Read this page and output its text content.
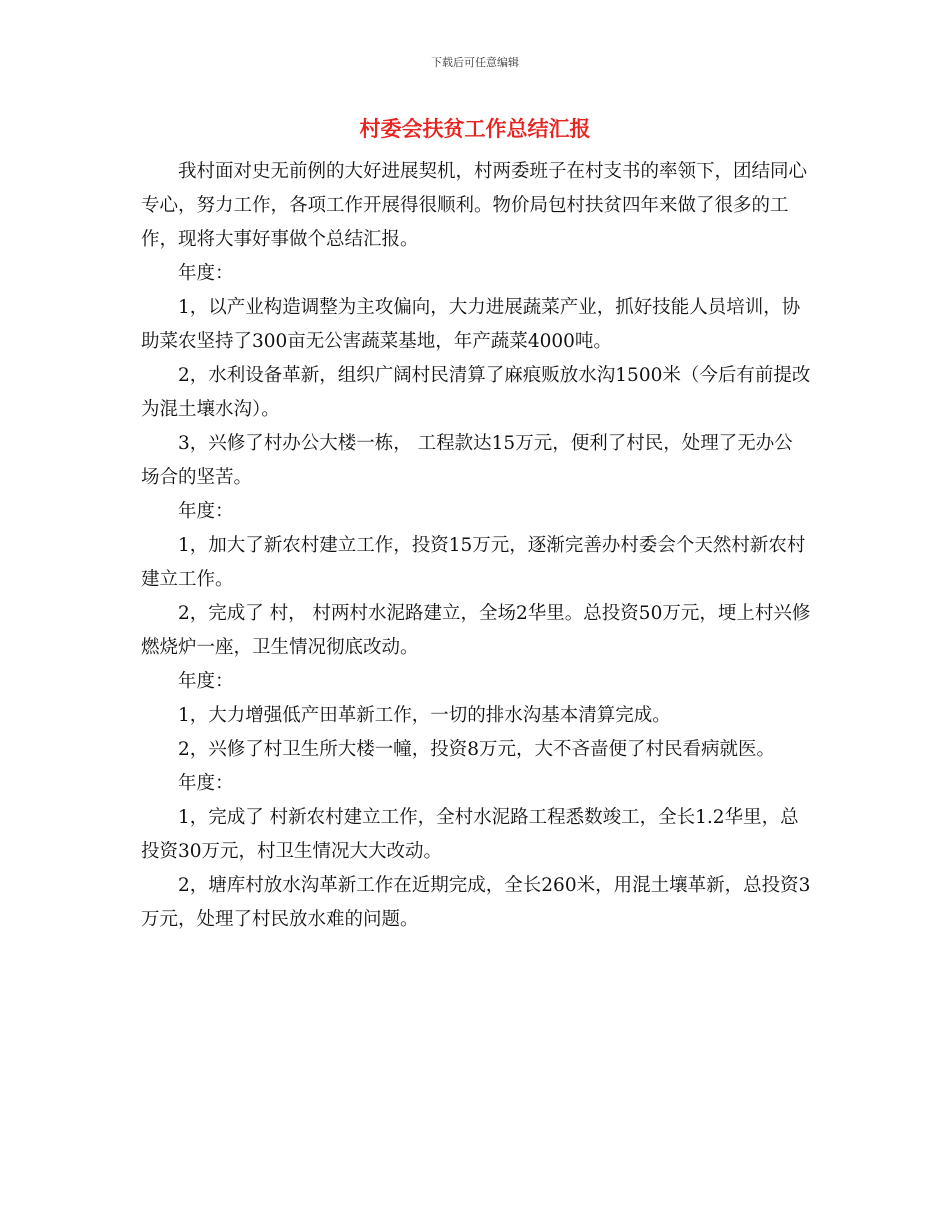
下载后可任意编辑
村委会扶贫工作总结汇报

我村面对史无前例的大好进展契机，村两委班子在村支书的率领下，团结同心专心，努力工作，各项工作开展得很顺利。物价局包村扶贫四年来做了很多的工作，现将大事好事做个总结汇报。

年度：

1，以产业构造调整为主攻偏向，大力进展蔬菜产业，抓好技能人员培训，协助菜农坚持了300亩无公害蔬菜基地，年产蔬菜4000吨。

2，水利设备革新，组织广阔村民清算了麻痕贩放水沟1500米（今后有前提改为混土壤水沟）。

3，兴修了村办公大楼一栋， 工程款达15万元，便利了村民，处理了无办公场合的坚苦。

年度：

1，加大了新农村建立工作，投资15万元，逐渐完善办村委会个天然村新农村建立工作。

2，完成了 村， 村两村水泥路建立，全场2华里。总投资50万元，埂上村兴修燃烧炉一座，卫生情况彻底改动。

年度：

1，大力增强低产田革新工作，一切的排水沟基本清算完成。

2，兴修了村卫生所大楼一幢，投资8万元，大不吝啬便了村民看病就医。

年度：

1，完成了 村新农村建立工作，全村水泥路工程悉数竣工，全长1.2华里，总投资30万元，村卫生情况大大改动。

2，塘库村放水沟革新工作在近期完成，全长260米，用混土壤革新，总投资3万元，处理了村民放水难的问题。
